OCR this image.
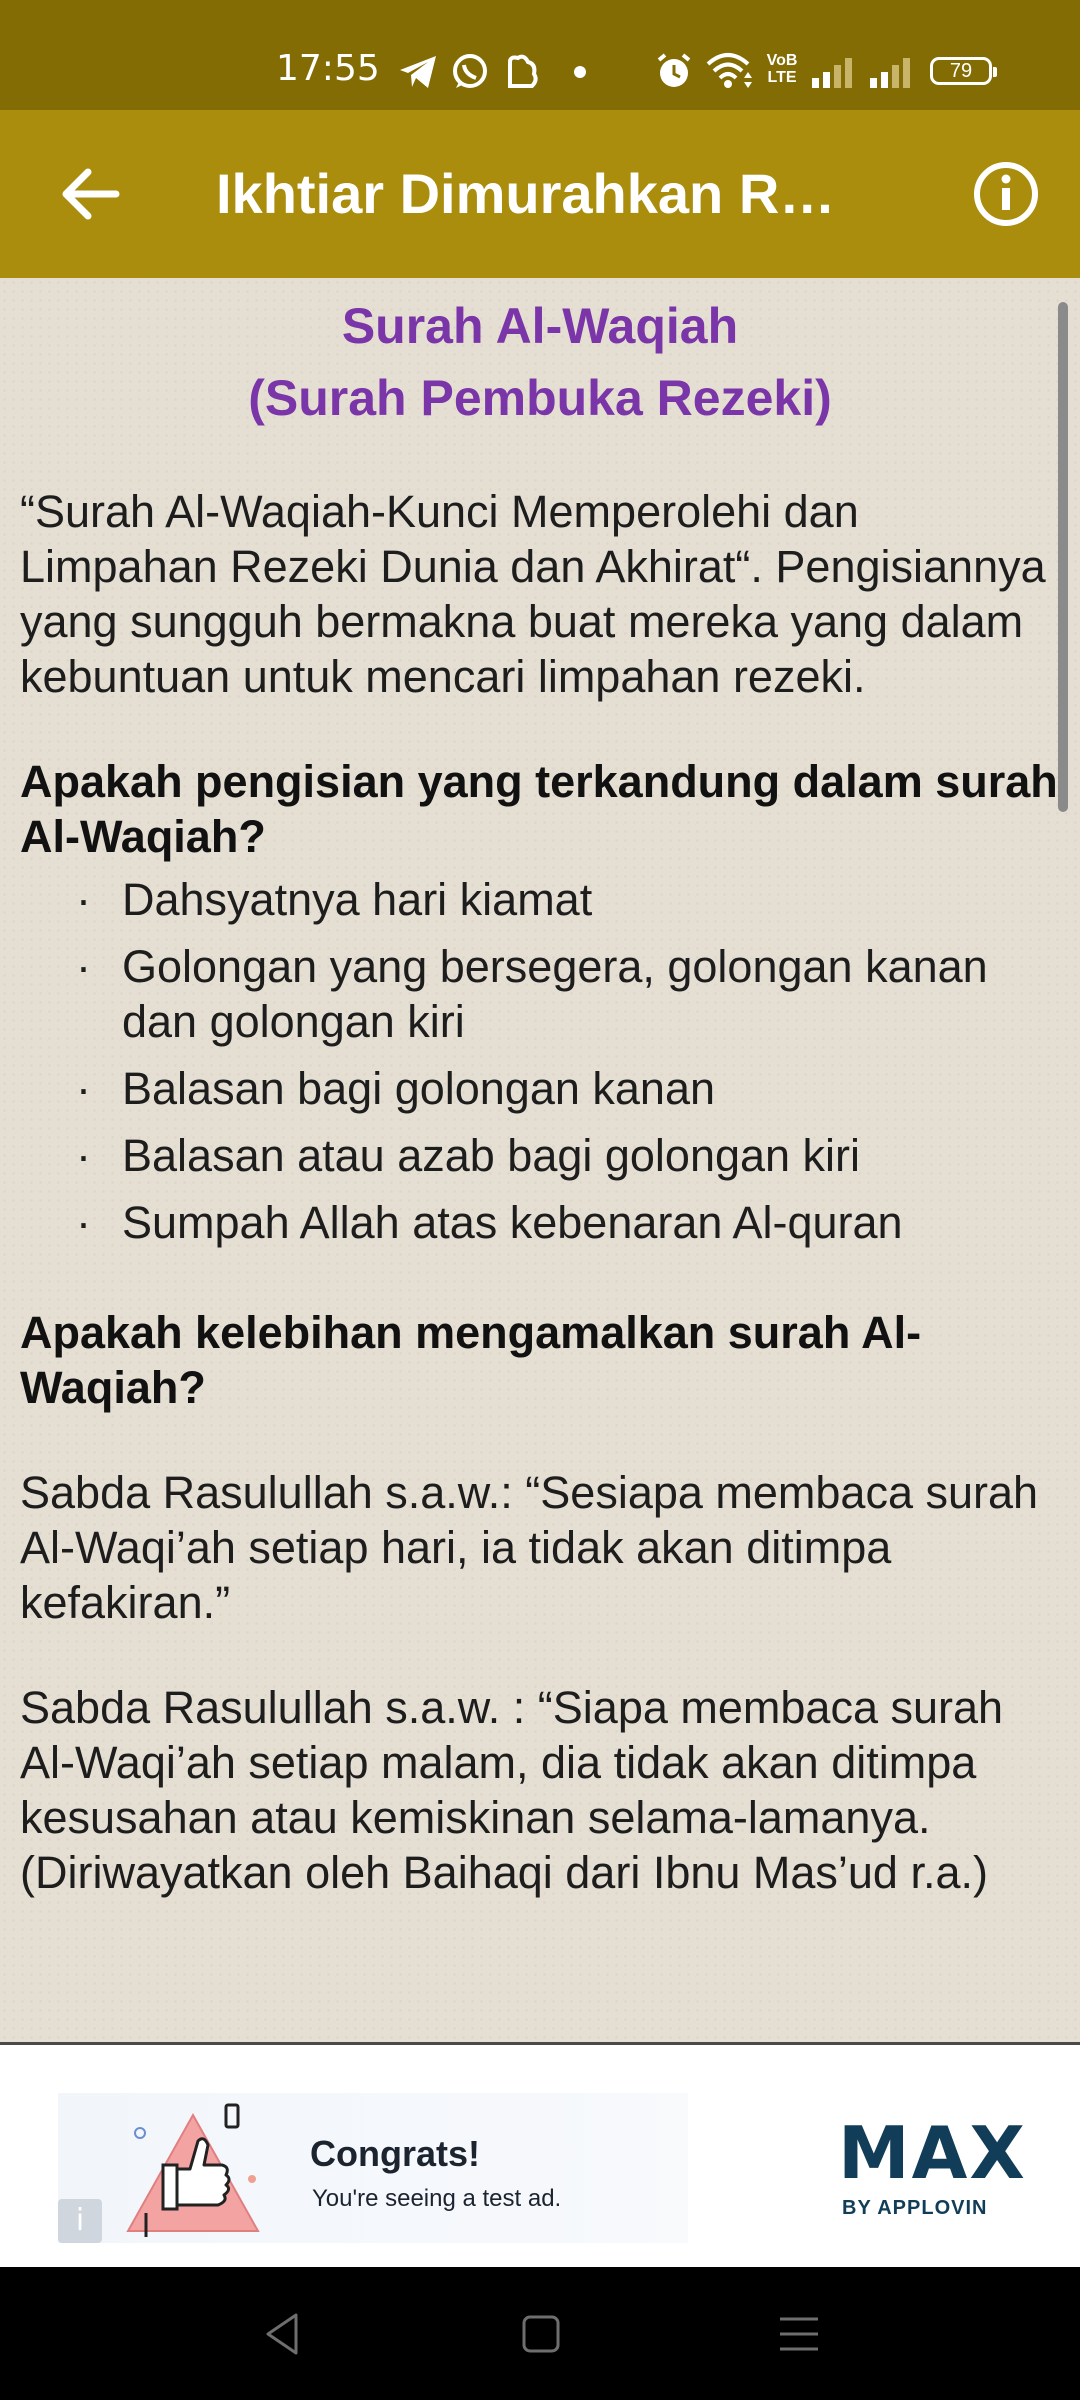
17:55	VoB LTE	79
Ikhtiar Dimurahkan Re…

Surah Al-Waqiah
(Surah Pembuka Rezeki)

“Surah Al-Waqiah-Kunci Memperolehi dan Limpahan Rezeki Dunia dan Akhirat“. Pengisiannya yang sungguh bermakna buat mereka yang dalam kebuntuan untuk mencari limpahan rezeki.

Apakah pengisian yang terkandung dalam surah Al-Waqiah?

· Dahsyatnya hari kiamat
· Golongan yang bersegera, golongan kanan dan golongan kiri
· Balasan bagi golongan kanan
· Balasan atau azab bagi golongan kiri
· Sumpah Allah atas kebenaran Al-quran

Apakah kelebihan mengamalkan surah Al-Waqiah?

Sabda Rasulullah s.a.w.: “Sesiapa membaca surah Al-Waqi’ah setiap hari, ia tidak akan ditimpa kefakiran.”

Sabda Rasulullah s.a.w. : “Siapa membaca surah Al-Waqi’ah setiap malam, dia tidak akan ditimpa kesusahan atau kemiskinan selama-lamanya. (Diriwayatkan oleh Baihaqi dari Ibnu Mas’ud r.a.)

i
Congrats!
You're seeing a test ad.
MAX
BY APPLOVIN
